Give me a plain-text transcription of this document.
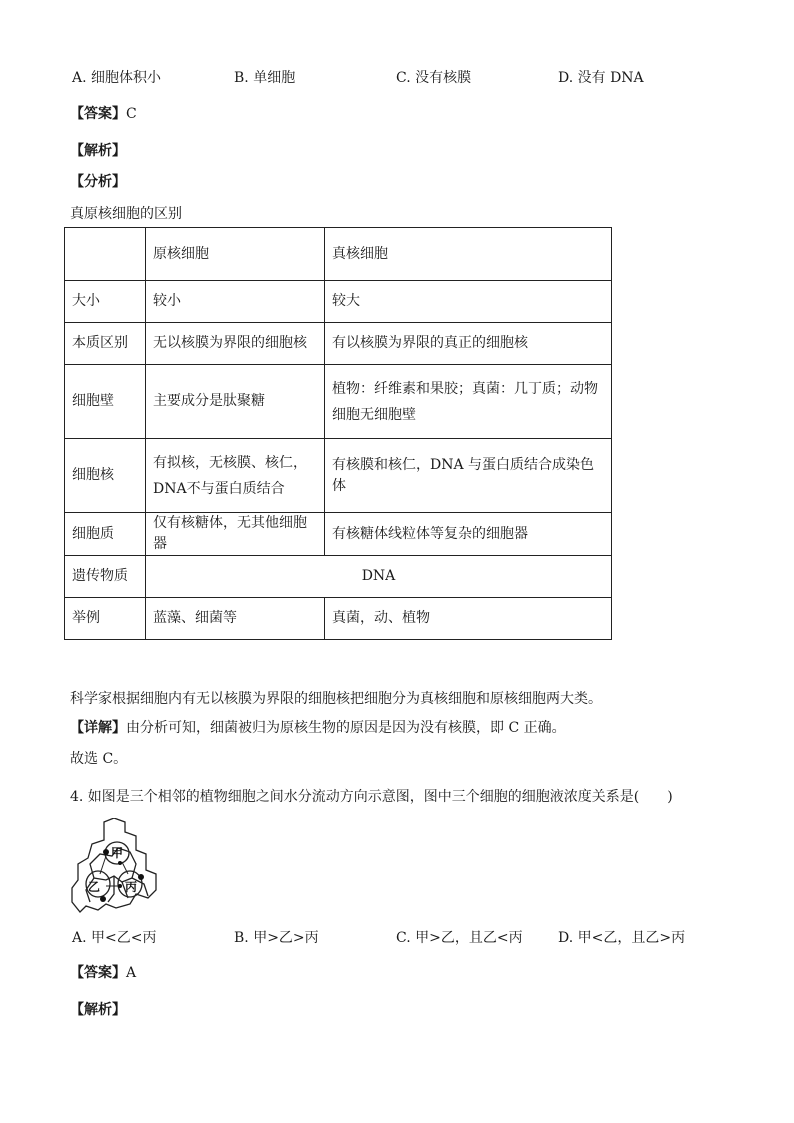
A. 细胞体积小	B. 单细胞	C. 没有核膜	D. 没有 DNA
【答案】C
【解析】
【分析】
真原核细胞的区别
	原核细胞	真核细胞
大小	较小	较大
本质区别	无以核膜为界限的细胞核	有以核膜为界限的真正的细胞核
细胞壁	主要成分是肽聚糖	植物：纤维素和果胶；真菌：几丁质；动物细胞无细胞壁
细胞核	有拟核，无核膜、核仁，DNA不与蛋白质结合	有核膜和核仁，DNA 与蛋白质结合成染色体
细胞质	仅有核糖体，无其他细胞器	有核糖体线粒体等复杂的细胞器
遗传物质	DNA	
举例	蓝藻、细菌等	真菌，动、植物
科学家根据细胞内有无以核膜为界限的细胞核把细胞分为真核细胞和原核细胞两大类。
【详解】由分析可知，细菌被归为原核生物的原因是因为没有核膜，即 C 正确。
故选 C。
4. 如图是三个相邻的植物细胞之间水分流动方向示意图，图中三个细胞的细胞液浓度关系是(　　)
甲
乙 丙
A. 甲<乙<丙	B. 甲>乙>丙	C. 甲>乙，且乙<丙	D. 甲<乙，且乙>丙
【答案】A
【解析】
